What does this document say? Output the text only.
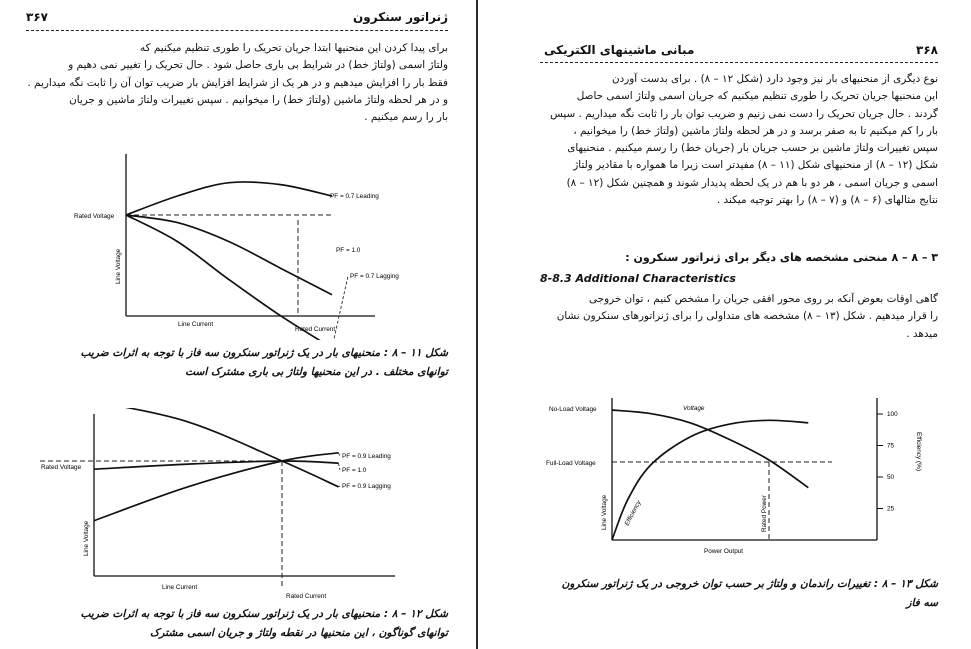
۳۶۷	ژنراتور سنکرون

برای پیدا کردن این منحنیها ابتدا جریان تحریک را طوری تنظیم میکنیم که

ولتاژ اسمی (ولتاژ خط) در شرایط بی باری حاصل شود . حال تحریک را تغییر نمی دهیم و

فقط بار را افزایش میدهیم و در هر یک از شرایط افزایش بار ضریب توان آن را ثابت نگه میداریم .

و در هر لحظه ولتاژ ماشین (ولتاژ خط) را میخوانیم . سپس تغییرات ولتاژ ماشین و جریان

بار را رسم میکنیم .

Rated Voltage
Rated Current
Line Current
Line Voltage
PF = 0.7 Leading
PF = 1.0
PF = 0.7 Lagging

شکل ۱۱ – ۸ : منحنیهای بار در یک ژنراتور سنکرون سه فاز با توجه به اثرات ضریب

توانهای مختلف . در این منحنیها ولتاژ بی باری مشترک است

Rated Voltage
Rated Current
Line Current
Line Voltage
PF = 0.9 Leading
PF = 1.0
PF = 0.9 Lagging

شکل ۱۲ – ۸ : منحنیهای بار در یک ژنراتور سنکرون سه فاز با توجه به اثرات ضریب

توانهای گوناگون ، این منحنیها در نقطه ولتاژ و جریان اسمی مشترک

۳۶۸
مبانی ماشینهای الکتریکی

نوع دیگری از منحنیهای بار نیز وجود دارد (شکل ۱۲ – ۸) . برای بدست آوردن

این منحنیها جریان تحریک را طوری تنظیم میکنیم که جریان اسمی ولتاژ اسمی حاصل

گردند . حال جریان تحریک را دست نمی زنیم و ضریب توان بار را ثابت نگه میداریم . سپس

بار را کم میکنیم تا به صفر برسد و در هر لحظه ولتاژ ماشین (ولتاژ خط) را میخوانیم ،

سپس تغییرات ولتاژ ماشین بر حسب جریان بار (جریان خط) را رسم میکنیم . منحنیهای

شکل (۱۲ – ۸) از منحنیهای شکل (۱۱ – ۸) مفیدتر است زیرا ما همواره با مقادیر ولتاژ

اسمی و جریان اسمی ، هر دو با هم در یک لحظه پدیدار شوند و همچنین شکل (۱۲ – ۸)

نتایج مثالهای (۶ – ۸) و (۷ – ۸) را بهتر توجیه میکند .

۳ – ۸ – ۸ منحنی مشخصه های دیگر برای ژنراتور سنکرون :
8-8.3 Additional Characteristics

گاهی اوقات بعوض آنکه بر روی محور افقی جریان را مشخص کنیم ، توان خروجی

را قرار میدهیم . شکل (۱۳ – ۸) مشخصه های متداولی را برای ژنراتورهای سنکرون نشان

میدهد .

No-Load Voltage
Full-Load Voltage
Power Output
Line Voltage
Efficiency (%)
Rated Power
Voltage
Efficiency	25
50
75
100

شکل ۱۳ – ۸ : تغییرات راندمان و ولتاژ بر حسب توان خروجی در یک ژنراتور سنکرون

سه فاز
